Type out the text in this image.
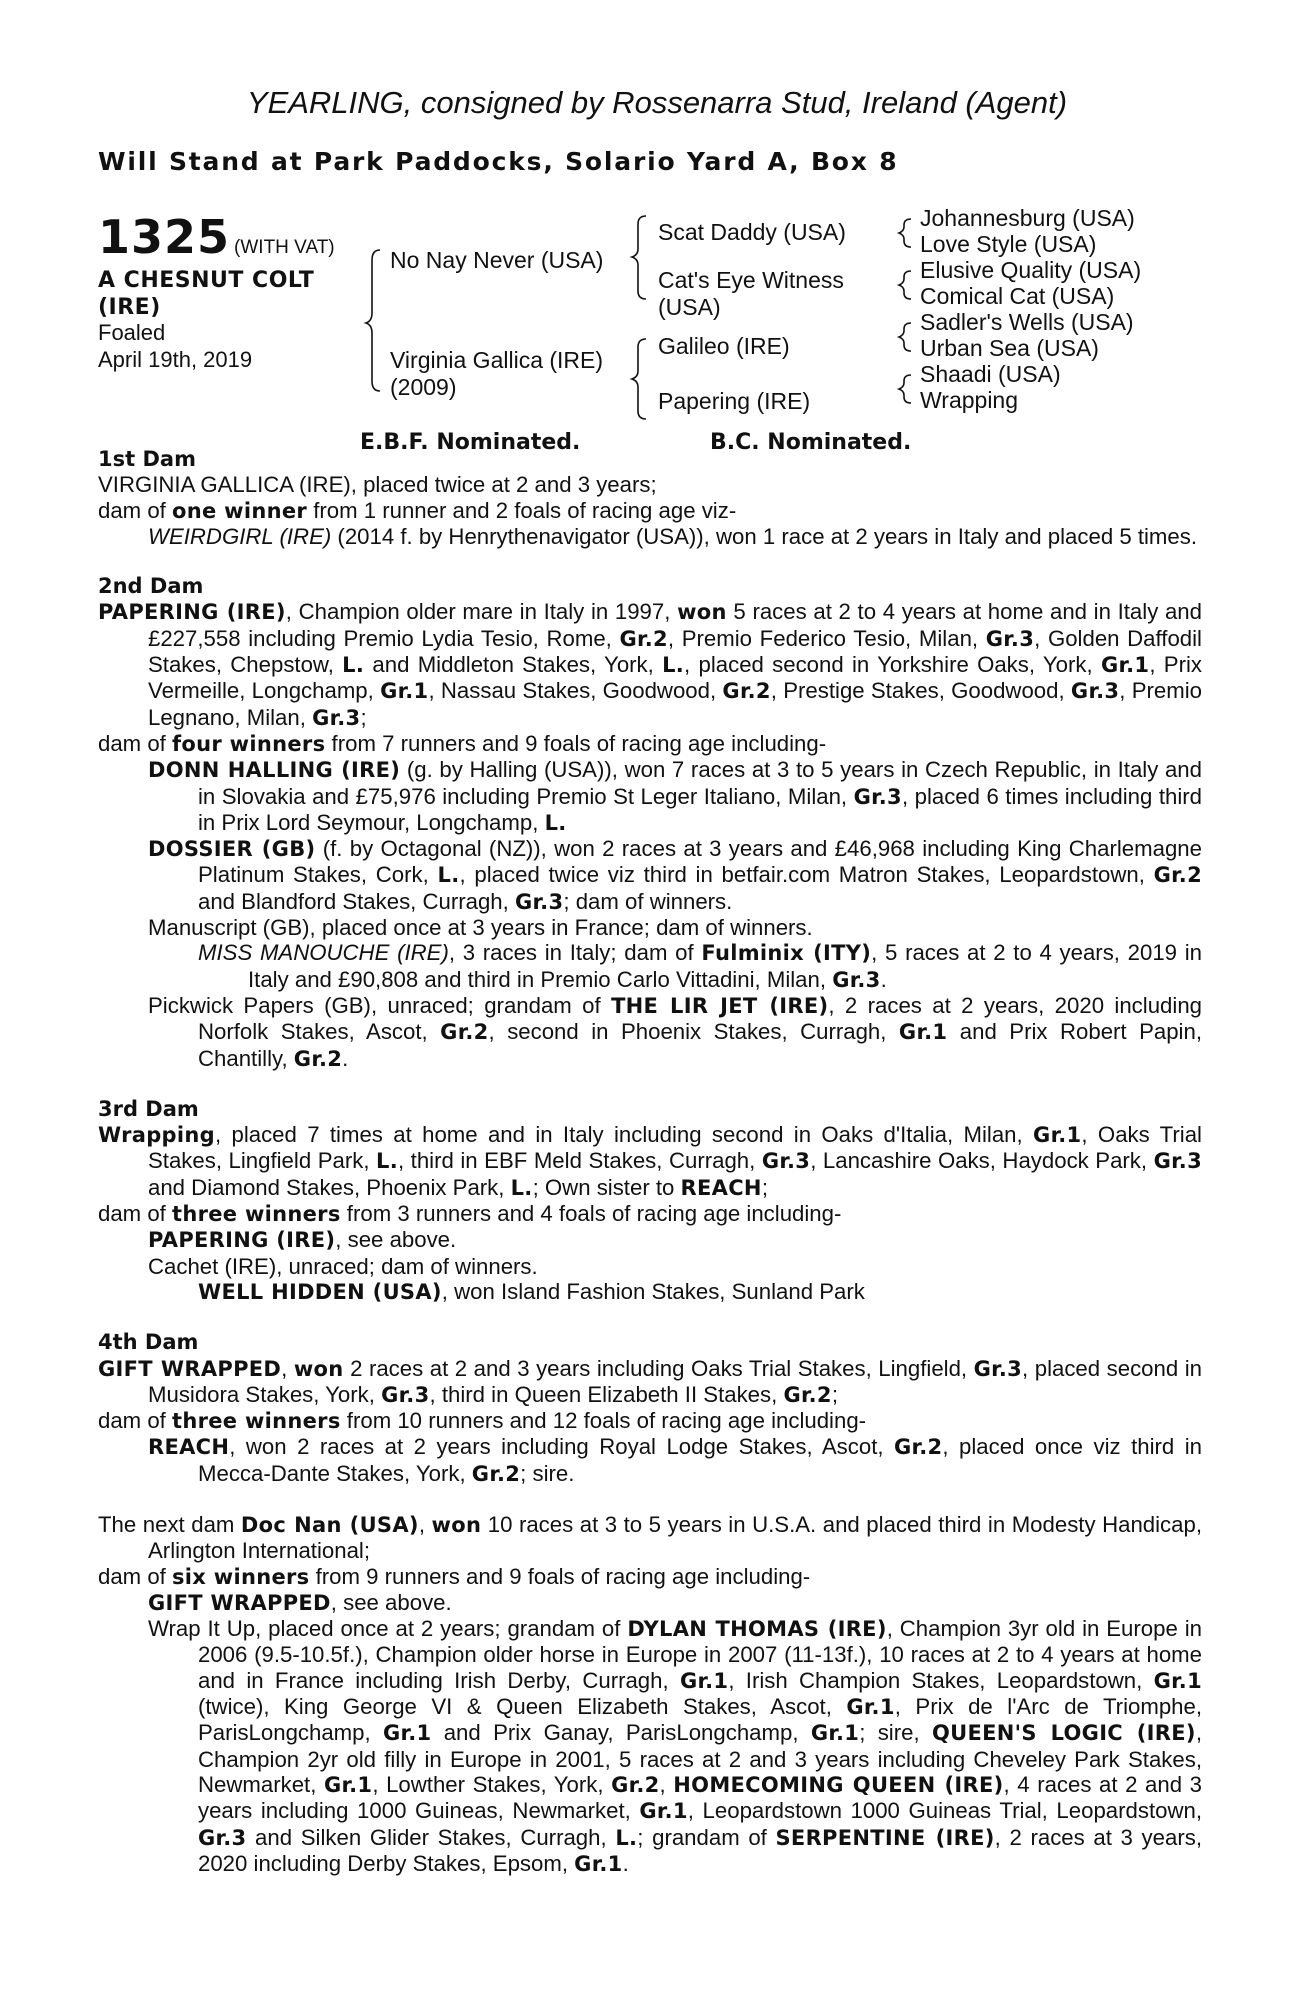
YEARLING, consigned by Rossenarra Stud, Ireland (Agent)
Will Stand at Park Paddocks, Solario Yard A, Box 8
1325 (WITH VAT)
A CHESNUT COLT
(IRE)
Foaled
April 19th, 2019
No Nay Never (USA)
Virginia Gallica (IRE)
(2009)
Scat Daddy (USA)
Cat's Eye Witness
(USA)
Galileo (IRE)
Papering (IRE)
Johannesburg (USA)
Love Style (USA)
Elusive Quality (USA)
Comical Cat (USA)
Sadler's Wells (USA)
Urban Sea (USA)
Shaadi (USA)
Wrapping
E.B.F. Nominated.	B.C. Nominated.
1st Dam

VIRGINIA GALLICA (IRE), placed twice at 2 and 3 years;

dam of one winner from 1 runner and 2 foals of racing age viz-

WEIRDGIRL (IRE) (2014 f. by Henrythenavigator (USA)), won 1 race at 2 years in Italy and placed 5 times.

2nd Dam

PAPERING (IRE), Champion older mare in Italy in 1997, won 5 races at 2 to 4 years at home and in Italy and £227,558 including Premio Lydia Tesio, Rome, Gr.2, Premio Federico Tesio, Milan, Gr.3, Golden Daffodil Stakes, Chepstow, L. and Middleton Stakes, York, L., placed second in Yorkshire Oaks, York, Gr.1, Prix Vermeille, Longchamp, Gr.1, Nassau Stakes, Goodwood, Gr.2, Prestige Stakes, Goodwood, Gr.3, Premio Legnano, Milan, Gr.3;

dam of four winners from 7 runners and 9 foals of racing age including-

DONN HALLING (IRE) (g. by Halling (USA)), won 7 races at 3 to 5 years in Czech Republic, in Italy and in Slovakia and £75,976 including Premio St Leger Italiano, Milan, Gr.3, placed 6 times including third in Prix Lord Seymour, Longchamp, L.

DOSSIER (GB) (f. by Octagonal (NZ)), won 2 races at 3 years and £46,968 including King Charlemagne Platinum Stakes, Cork, L., placed twice viz third in betfair.com Matron Stakes, Leopardstown, Gr.2 and Blandford Stakes, Curragh, Gr.3; dam of winners.

Manuscript (GB), placed once at 3 years in France; dam of winners.

MISS MANOUCHE (IRE), 3 races in Italy; dam of Fulminix (ITY), 5 races at 2 to 4 years, 2019 in Italy and £90,808 and third in Premio Carlo Vittadini, Milan, Gr.3.

Pickwick Papers (GB), unraced; grandam of THE LIR JET (IRE), 2 races at 2 years, 2020 including Norfolk Stakes, Ascot, Gr.2, second in Phoenix Stakes, Curragh, Gr.1 and Prix Robert Papin, Chantilly, Gr.2.

3rd Dam

Wrapping, placed 7 times at home and in Italy including second in Oaks d'Italia, Milan, Gr.1, Oaks Trial Stakes, Lingfield Park, L., third in EBF Meld Stakes, Curragh, Gr.3, Lancashire Oaks, Haydock Park, Gr.3 and Diamond Stakes, Phoenix Park, L.; Own sister to REACH;

dam of three winners from 3 runners and 4 foals of racing age including-

PAPERING (IRE), see above.

Cachet (IRE), unraced; dam of winners.

WELL HIDDEN (USA), won Island Fashion Stakes, Sunland Park

4th Dam

GIFT WRAPPED, won 2 races at 2 and 3 years including Oaks Trial Stakes, Lingfield, Gr.3, placed second in Musidora Stakes, York, Gr.3, third in Queen Elizabeth II Stakes, Gr.2;

dam of three winners from 10 runners and 12 foals of racing age including-

REACH, won 2 races at 2 years including Royal Lodge Stakes, Ascot, Gr.2, placed once viz third in Mecca-Dante Stakes, York, Gr.2; sire.

The next dam Doc Nan (USA), won 10 races at 3 to 5 years in U.S.A. and placed third in Modesty Handicap, Arlington International;

dam of six winners from 9 runners and 9 foals of racing age including-

GIFT WRAPPED, see above.

Wrap It Up, placed once at 2 years; grandam of DYLAN THOMAS (IRE), Champion 3yr old in Europe in 2006 (9.5-10.5f.), Champion older horse in Europe in 2007 (11-13f.), 10 races at 2 to 4 years at home and in France including Irish Derby, Curragh, Gr.1, Irish Champion Stakes, Leopardstown, Gr.1 (twice), King George VI & Queen Elizabeth Stakes, Ascot, Gr.1, Prix de l'Arc de Triomphe, ParisLongchamp, Gr.1 and Prix Ganay, ParisLongchamp, Gr.1; sire, QUEEN'S LOGIC (IRE), Champion 2yr old filly in Europe in 2001, 5 races at 2 and 3 years including Cheveley Park Stakes, Newmarket, Gr.1, Lowther Stakes, York, Gr.2, HOMECOMING QUEEN (IRE), 4 races at 2 and 3 years including 1000 Guineas, Newmarket, Gr.1, Leopardstown 1000 Guineas Trial, Leopardstown, Gr.3 and Silken Glider Stakes, Curragh, L.; grandam of SERPENTINE (IRE), 2 races at 3 years, 2020 including Derby Stakes, Epsom, Gr.1.
